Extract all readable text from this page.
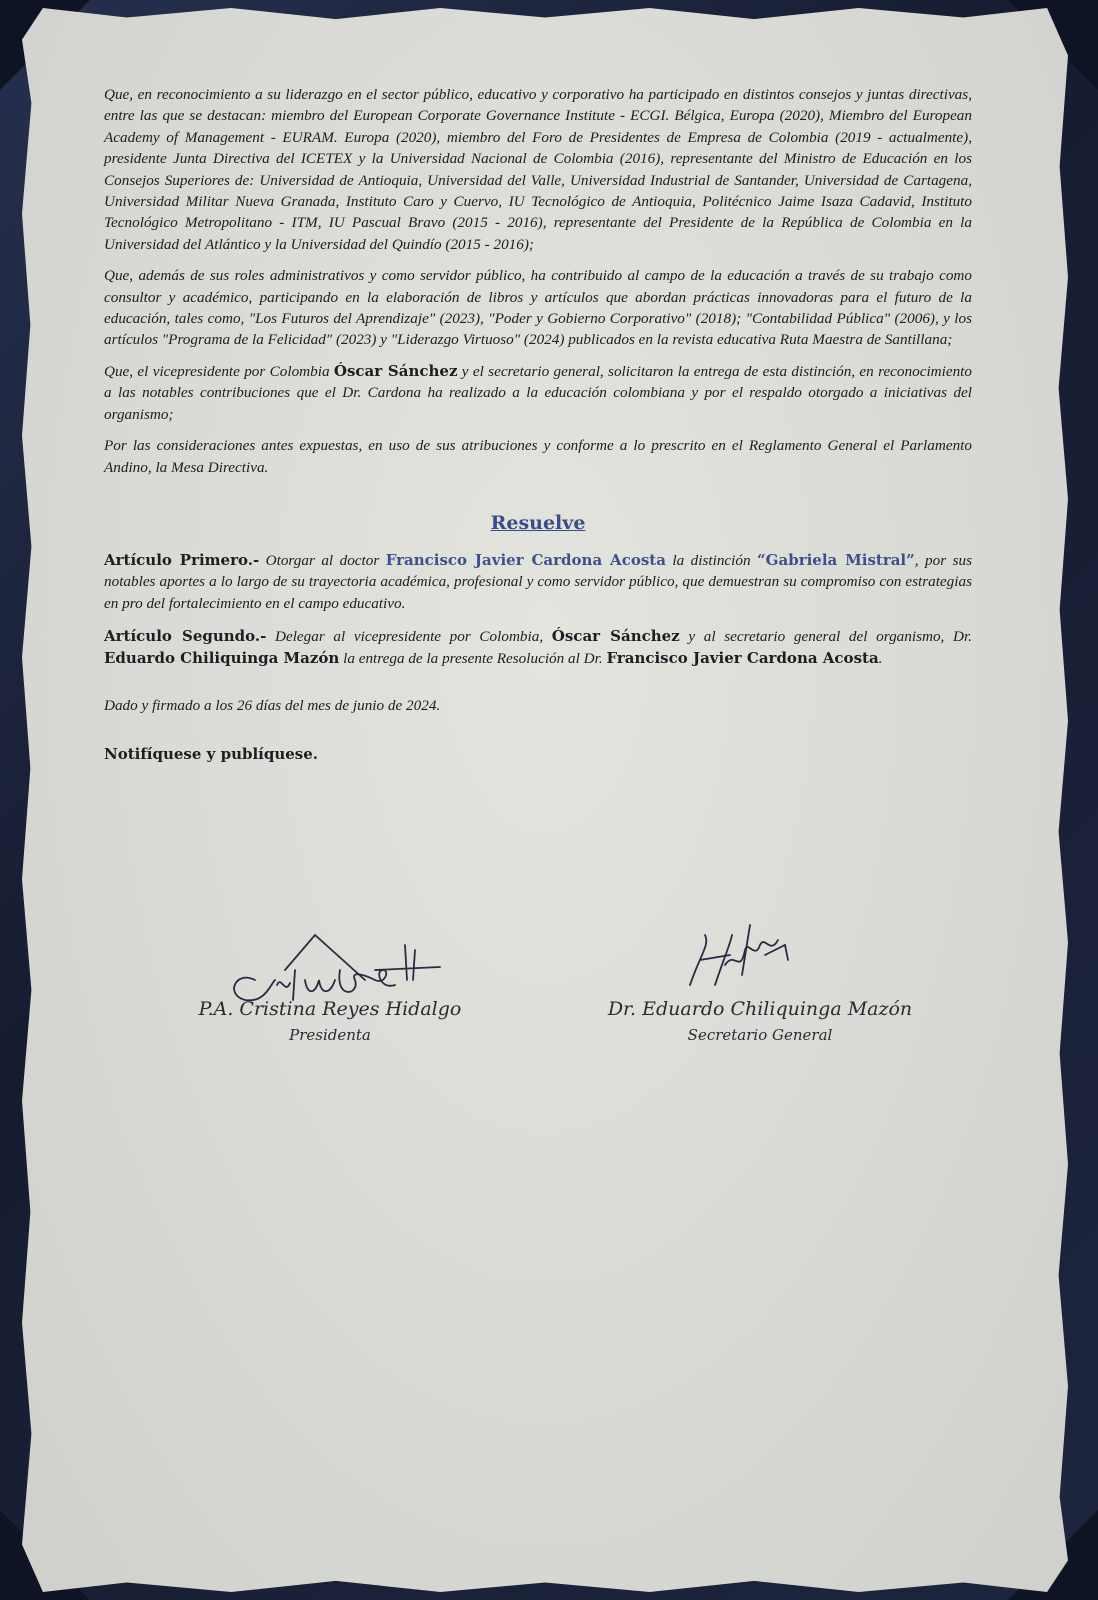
Que, en reconocimiento a su liderazgo en el sector público, educativo y corporativo ha participado en distintos consejos y juntas directivas, entre las que se destacan: miembro del European Corporate Governance Institute - ECGI. Bélgica, Europa (2020), Miembro del European Academy of Management - EURAM. Europa (2020), miembro del Foro de Presidentes de Empresa de Colombia (2019 - actualmente), presidente Junta Directiva del ICETEX y la Universidad Nacional de Colombia (2016), representante del Ministro de Educación en los Consejos Superiores de: Universidad de Antioquia, Universidad del Valle, Universidad Industrial de Santander, Universidad de Cartagena, Universidad Militar Nueva Granada, Instituto Caro y Cuervo, IU Tecnológico de Antioquia, Politécnico Jaime Isaza Cadavid, Instituto Tecnológico Metropolitano - ITM, IU Pascual Bravo (2015 - 2016), representante del Presidente de la República de Colombia en la Universidad del Atlántico y la Universidad del Quindío (2015 - 2016);

Que, además de sus roles administrativos y como servidor público, ha contribuido al campo de la educación a través de su trabajo como consultor y académico, participando en la elaboración de libros y artículos que abordan prácticas innovadoras para el futuro de la educación, tales como, "Los Futuros del Aprendizaje" (2023), "Poder y Gobierno Corporativo" (2018); "Contabilidad Pública" (2006), y los artículos "Programa de la Felicidad" (2023) y "Liderazgo Virtuoso" (2024) publicados en la revista educativa Ruta Maestra de Santillana;

Que, el vicepresidente por Colombia Óscar Sánchez y el secretario general, solicitaron la entrega de esta distinción, en reconocimiento a las notables contribuciones que el Dr. Cardona ha realizado a la educación colombiana y por el respaldo otorgado a iniciativas del organismo;

Por las consideraciones antes expuestas, en uso de sus atribuciones y conforme a lo prescrito en el Reglamento General el Parlamento Andino, la Mesa Directiva.

Resuelve

Artículo Primero.- Otorgar al doctor Francisco Javier Cardona Acosta la distinción “Gabriela Mistral”, por sus notables aportes a lo largo de su trayectoria académica, profesional y como servidor público, que demuestran su compromiso con estrategias en pro del fortalecimiento en el campo educativo.

Artículo Segundo.- Delegar al vicepresidente por Colombia, Óscar Sánchez y al secretario general del organismo, Dr. Eduardo Chiliquinga Mazón la entrega de la presente Resolución al Dr. Francisco Javier Cardona Acosta.

Dado y firmado a los 26 días del mes de junio de 2024.

Notifíquese y publíquese.

P.A. Cristina Reyes Hidalgo
Presidenta
Dr. Eduardo Chiliquinga Mazón
Secretario General
